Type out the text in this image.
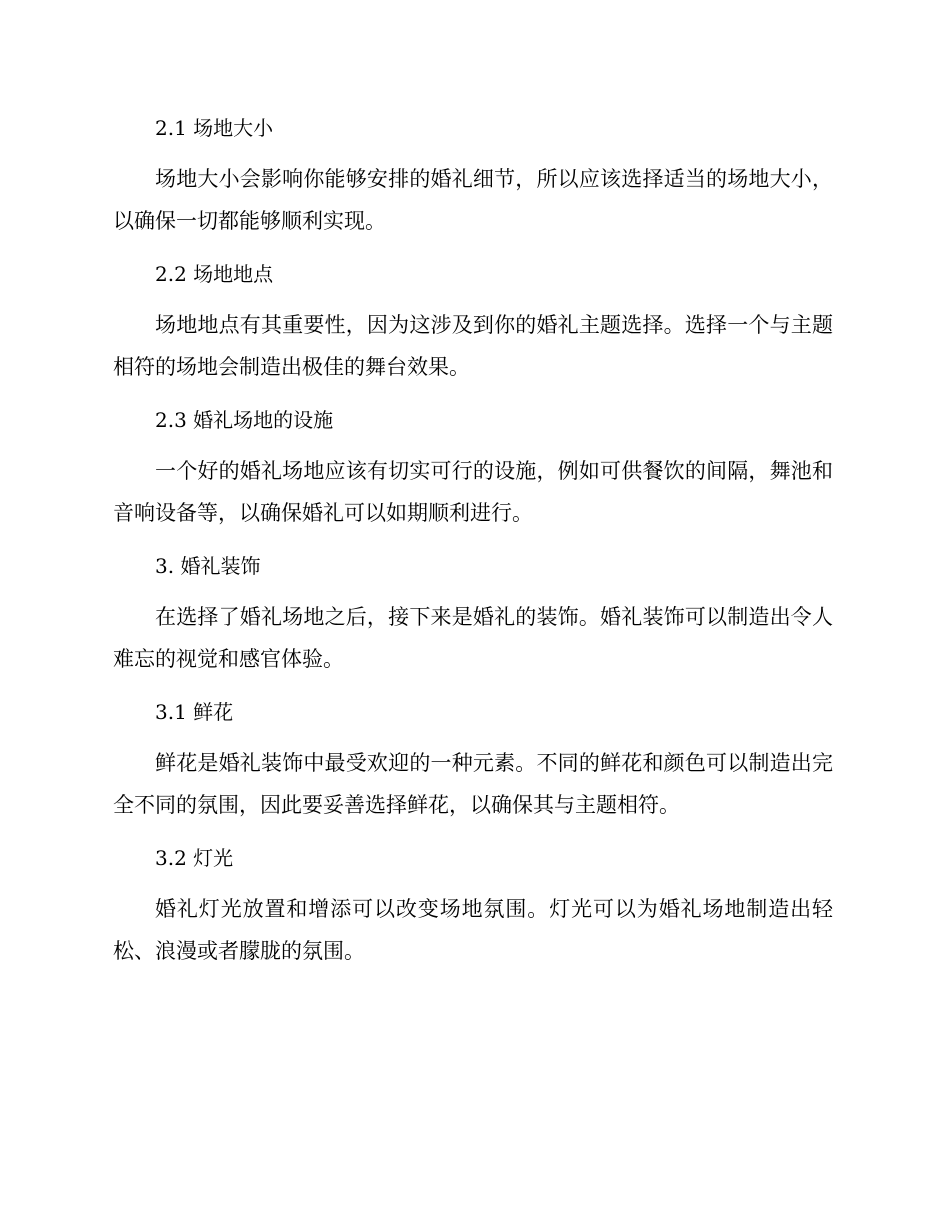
2.1 场地大小

场地大小会影响你能够安排的婚礼细节，所以应该选择适当的场地大小，以确保一切都能够顺利实现。

2.2 场地地点

场地地点有其重要性，因为这涉及到你的婚礼主题选择。选择一个与主题相符的场地会制造出极佳的舞台效果。

2.3 婚礼场地的设施

一个好的婚礼场地应该有切实可行的设施，例如可供餐饮的间隔，舞池和音响设备等，以确保婚礼可以如期顺利进行。

3. 婚礼装饰

在选择了婚礼场地之后，接下来是婚礼的装饰。婚礼装饰可以制造出令人难忘的视觉和感官体验。

3.1 鲜花

鲜花是婚礼装饰中最受欢迎的一种元素。不同的鲜花和颜色可以制造出完全不同的氛围，因此要妥善选择鲜花，以确保其与主题相符。

3.2 灯光

婚礼灯光放置和增添可以改变场地氛围。灯光可以为婚礼场地制造出轻松、浪漫或者朦胧的氛围。
